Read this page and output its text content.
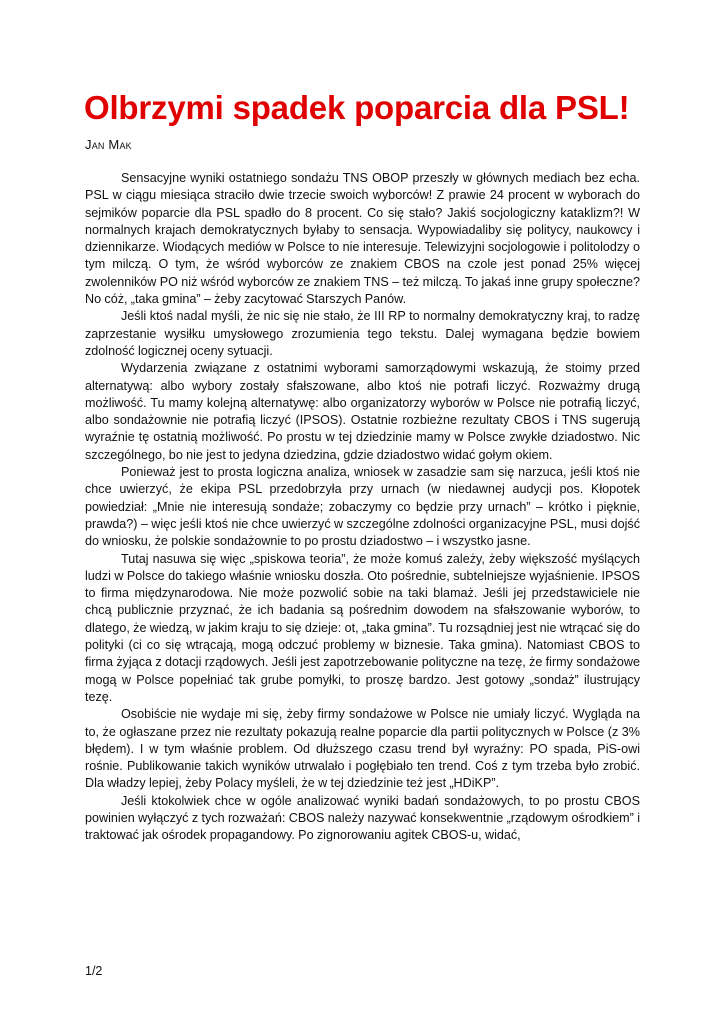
Olbrzymi spadek poparcia dla PSL!
Jan Mak

Sensacyjne wyniki ostatniego sondażu TNS OBOP przeszły w głównych mediach bez echa. PSL w ciągu miesiąca straciło dwie trzecie swoich wyborców! Z prawie 24 procent w wyborach do sejmików poparcie dla PSL spadło do 8 procent. Co się stało? Jakiś socjologiczny kataklizm?! W normalnych krajach demokratycznych byłaby to sensacja. Wypowiadaliby się politycy, naukowcy i dziennikarze. Wiodących mediów w Polsce to nie interesuje. Telewizyjni socjologowie i politolodzy o tym milczą. O tym, że wśród wyborców ze znakiem CBOS na czole jest ponad 25% więcej zwolenników PO niż wśród wyborców ze znakiem TNS – też milczą. To jakaś inne grupy społeczne? No cóż, „taka gmina” – żeby zacytować Starszych Panów.

Jeśli ktoś nadal myśli, że nic się nie stało, że III RP to normalny demokratyczny kraj, to radzę zaprzestanie wysiłku umysłowego zrozumienia tego tekstu. Dalej wymagana będzie bowiem zdolność logicznej oceny sytuacji.

Wydarzenia związane z ostatnimi wyborami samorządowymi wskazują, że stoimy przed alternatywą: albo wybory zostały sfałszowane, albo ktoś nie potrafi liczyć. Rozważmy drugą możliwość. Tu mamy kolejną alternatywę: albo organizatorzy wyborów w Polsce nie potrafią liczyć, albo sondażownie nie potrafią liczyć (IPSOS). Ostatnie rozbieżne rezultaty CBOS i TNS sugerują wyraźnie tę ostatnią możliwość. Po prostu w tej dziedzinie mamy w Polsce zwykłe dziadostwo. Nic szczególnego, bo nie jest to jedyna dziedzina, gdzie dziadostwo widać gołym okiem.

Ponieważ jest to prosta logiczna analiza, wniosek w zasadzie sam się narzuca, jeśli ktoś nie chce uwierzyć, że ekipa PSL przedobrzyła przy urnach (w niedawnej audycji pos. Kłopotek powiedział: „Mnie nie interesują sondaże; zobaczymy co będzie przy urnach” – krótko i pięknie, prawda?) – więc jeśli ktoś nie chce uwierzyć w szczególne zdolności organizacyjne PSL, musi dojść do wniosku, że polskie sondażownie to po prostu dziadostwo – i wszystko jasne.

Tutaj nasuwa się więc „spiskowa teoria”, że może komuś zależy, żeby większość myślących ludzi w Polsce do takiego właśnie wniosku doszła. Oto pośrednie, subtelniejsze wyjaśnienie. IPSOS to firma międzynarodowa. Nie może pozwolić sobie na taki blamaż. Jeśli jej przedstawiciele nie chcą publicznie przyznać, że ich badania są pośrednim dowodem na sfałszowanie wyborów, to dlatego, że wiedzą, w jakim kraju to się dzieje: ot, „taka gmina”. Tu rozsądniej jest nie wtrącać się do polityki (ci co się wtrącają, mogą odczuć problemy w biznesie. Taka gmina). Natomiast CBOS to firma żyjąca z dotacji rządowych. Jeśli jest zapotrzebowanie polityczne na tezę, że firmy sondażowe mogą w Polsce popełniać tak grube pomyłki, to proszę bardzo. Jest gotowy „sondaż” ilustrujący tezę.

Osobiście nie wydaje mi się, żeby firmy sondażowe w Polsce nie umiały liczyć. Wygląda na to, że ogłaszane przez nie rezultaty pokazują realne poparcie dla partii politycznych w Polsce (z 3% błędem). I w tym właśnie problem. Od dłuższego czasu trend był wyraźny: PO spada, PiS-owi rośnie. Publikowanie takich wyników utrwalało i pogłębiało ten trend. Coś z tym trzeba było zrobić. Dla władzy lepiej, żeby Polacy myśleli, że w tej dziedzinie też jest „HDiKP”.

Jeśli ktokolwiek chce w ogóle analizować wyniki badań sondażowych, to po prostu CBOS powinien wyłączyć z tych rozważań: CBOS należy nazywać konsekwentnie „rządowym ośrodkiem” i traktować jak ośrodek propagandowy. Po zignorowaniu agitek CBOS-u, widać,

1/2
